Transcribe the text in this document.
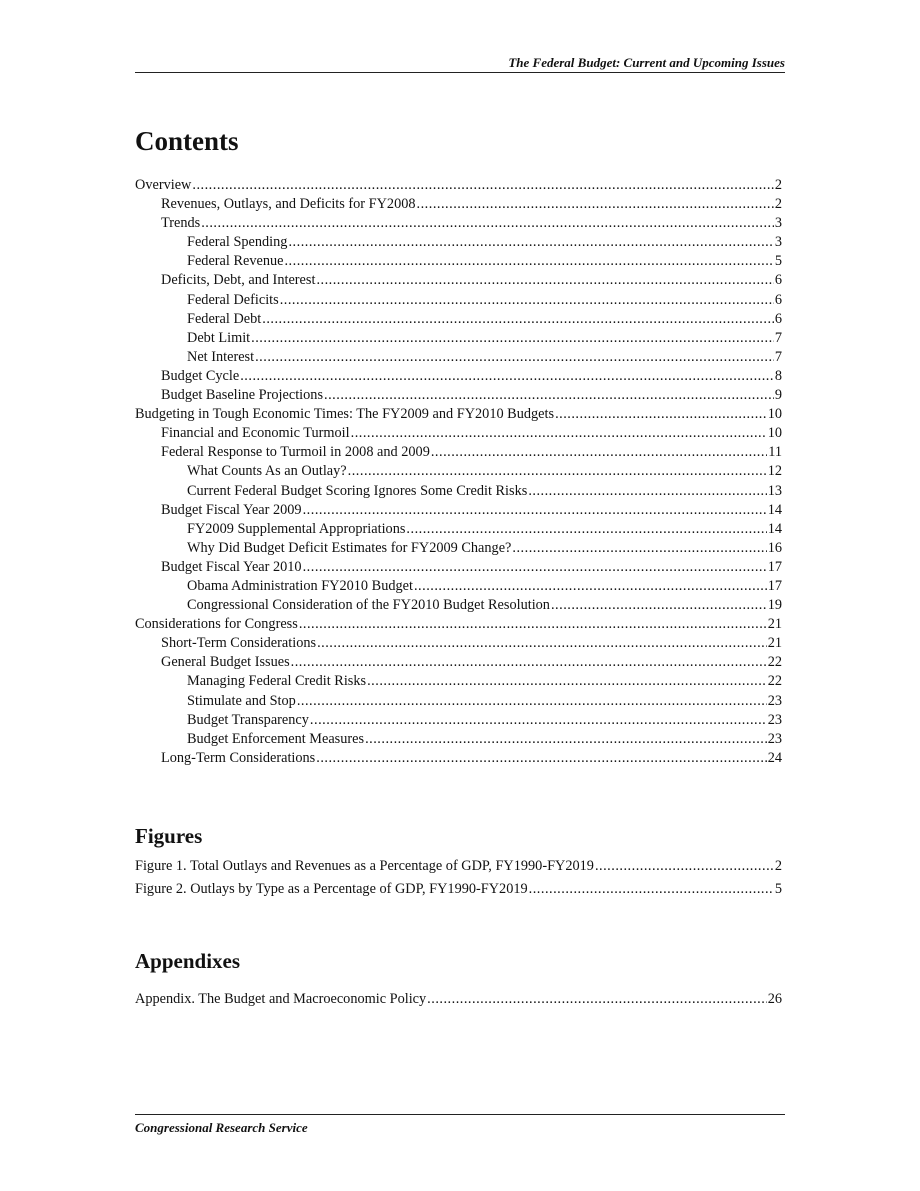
The Federal Budget: Current and Upcoming Issues
Contents
Overview .....	2
Revenues, Outlays, and Deficits for FY2008 .....	2
Trends .....	3
Federal Spending .....	3
Federal Revenue .....	5
Deficits, Debt, and Interest .....	6
Federal Deficits .....	6
Federal Debt .....	6
Debt Limit .....	7
Net Interest .....	7
Budget Cycle .....	8
Budget Baseline Projections .....	9
Budgeting in Tough Economic Times: The FY2009 and FY2010 Budgets .....	10
Financial and Economic Turmoil .....	10
Federal Response to Turmoil in 2008 and 2009 .....	11
What Counts As an Outlay? .....	12
Current Federal Budget Scoring Ignores Some Credit Risks .....	13
Budget Fiscal Year 2009 .....	14
FY2009 Supplemental Appropriations .....	14
Why Did Budget Deficit Estimates for FY2009 Change? .....	16
Budget Fiscal Year 2010 .....	17
Obama Administration FY2010 Budget .....	17
Congressional Consideration of the FY2010 Budget Resolution .....	19
Considerations for Congress .....	21
Short-Term Considerations .....	21
General Budget Issues .....	22
Managing Federal Credit Risks .....	22
Stimulate and Stop .....	23
Budget Transparency .....	23
Budget Enforcement Measures .....	23
Long-Term Considerations .....	24
Figures
Figure 1. Total Outlays and Revenues as a Percentage of GDP, FY1990-FY2019 .....	2
Figure 2. Outlays by Type as a Percentage of GDP, FY1990-FY2019 .....	5
Appendixes
Appendix. The Budget and Macroeconomic Policy .....	26
Congressional Research Service
